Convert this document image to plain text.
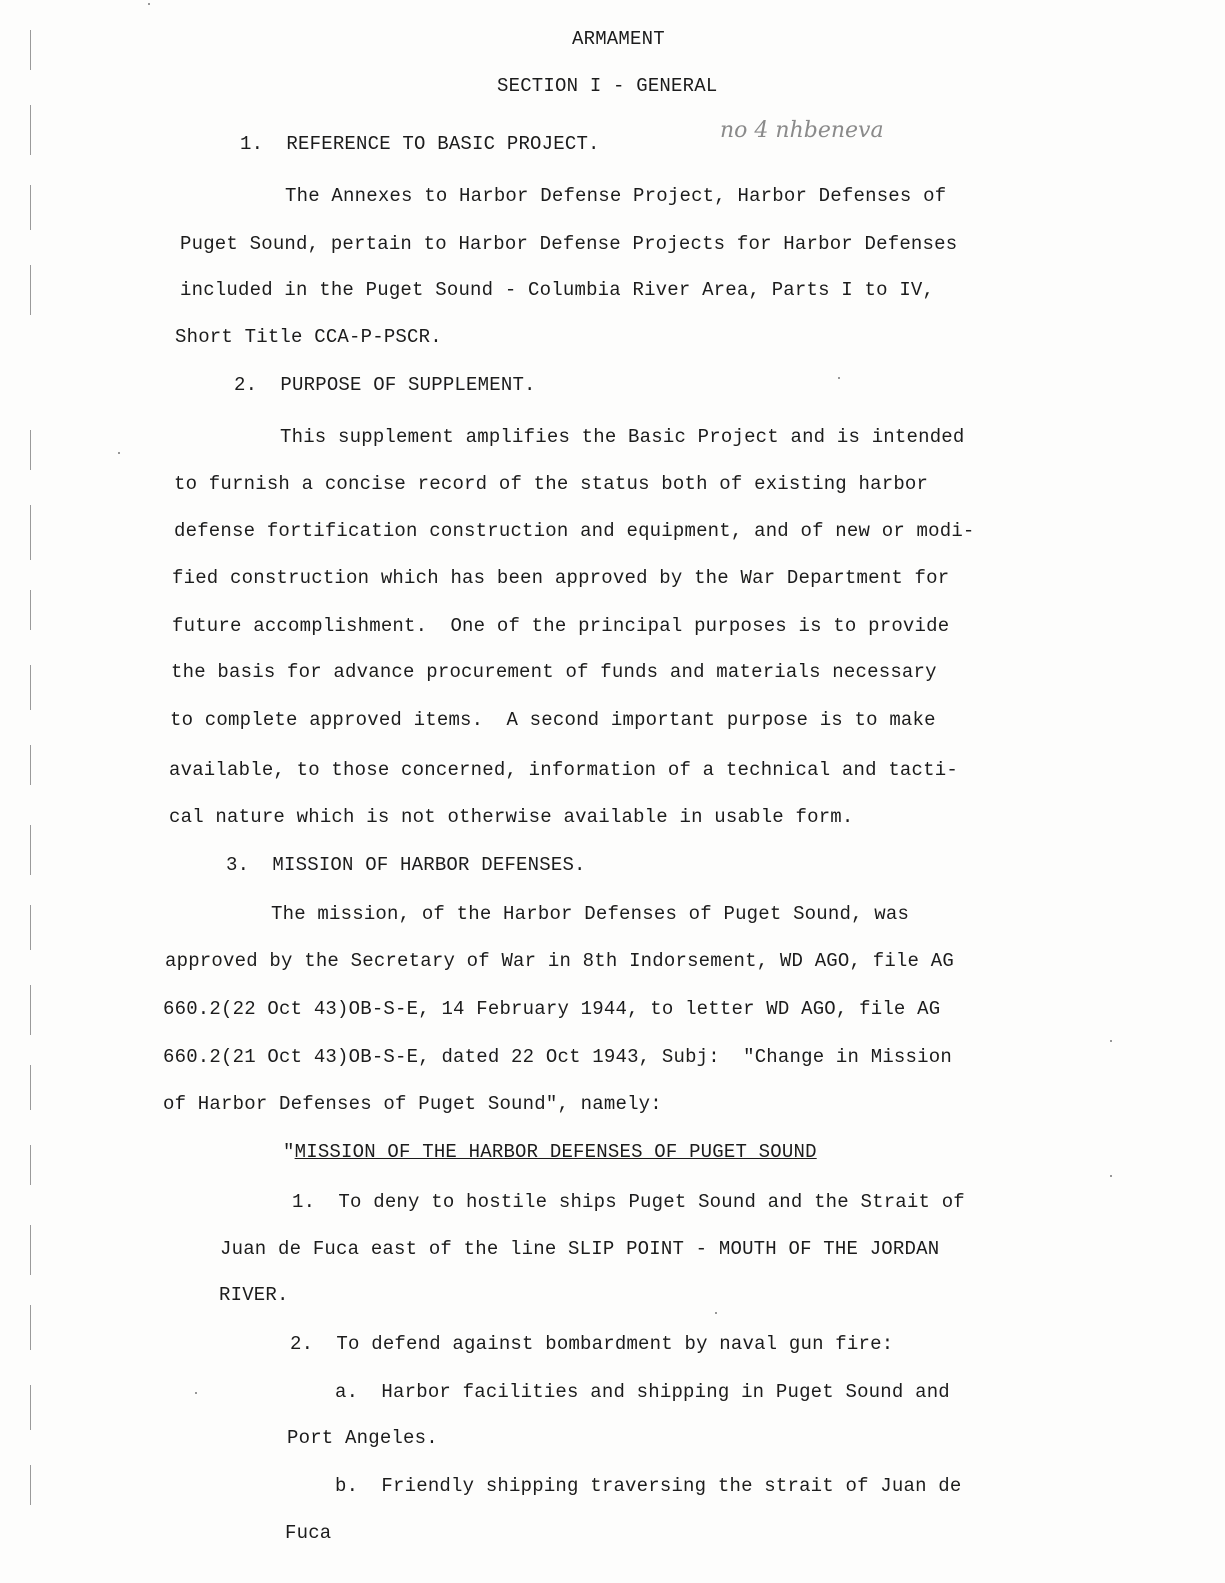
ARMAMENT
SECTION I - GENERAL
no 4 nhbeneva
1.  REFERENCE TO BASIC PROJECT.
The Annexes to Harbor Defense Project, Harbor Defenses of
Puget Sound, pertain to Harbor Defense Projects for Harbor Defenses
included in the Puget Sound - Columbia River Area, Parts I to IV,
Short Title CCA-P-PSCR.
2.  PURPOSE OF SUPPLEMENT.
This supplement amplifies the Basic Project and is intended
to furnish a concise record of the status both of existing harbor
defense fortification construction and equipment, and of new or modi-
fied construction which has been approved by the War Department for
future accomplishment.  One of the principal purposes is to provide
the basis for advance procurement of funds and materials necessary
to complete approved items.  A second important purpose is to make
available, to those concerned, information of a technical and tacti-
cal nature which is not otherwise available in usable form.
3.  MISSION OF HARBOR DEFENSES.
The mission, of the Harbor Defenses of Puget Sound, was
approved by the Secretary of War in 8th Indorsement, WD AGO, file AG
660.2(22 Oct 43)OB-S-E, 14 February 1944, to letter WD AGO, file AG
660.2(21 Oct 43)OB-S-E, dated 22 Oct 1943, Subj:  "Change in Mission
of Harbor Defenses of Puget Sound", namely:
"MISSION OF THE HARBOR DEFENSES OF PUGET SOUND
1.  To deny to hostile ships Puget Sound and the Strait of
Juan de Fuca east of the line SLIP POINT - MOUTH OF THE JORDAN
RIVER.
2.  To defend against bombardment by naval gun fire:
a.  Harbor facilities and shipping in Puget Sound and
Port Angeles.
b.  Friendly shipping traversing the strait of Juan de
Fuca
